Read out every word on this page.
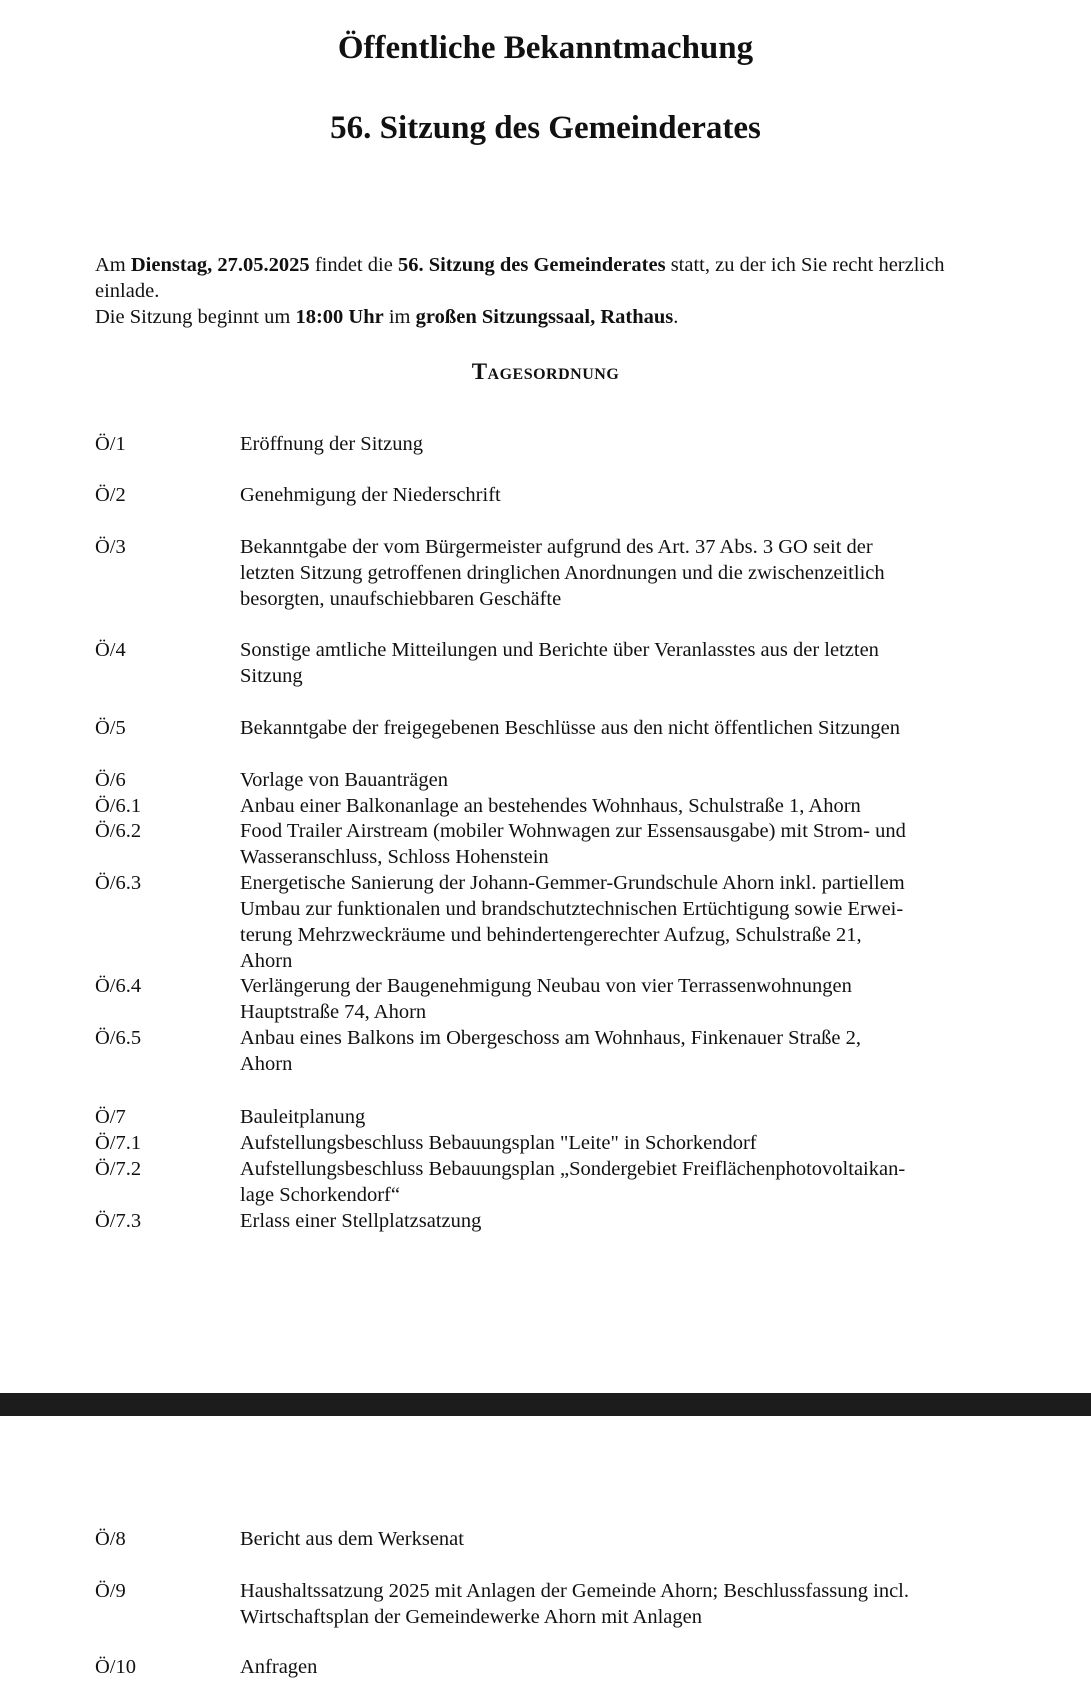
Öffentliche Bekanntmachung
56. Sitzung des Gemeinderates
Am Dienstag, 27.05.2025 findet die 56. Sitzung des Gemeinderates statt, zu der ich Sie recht herzlich einlade.
Die Sitzung beginnt um 18:00 Uhr im großen Sitzungssaal, Rathaus.
Tagesordnung
Ö/1	Eröffnung der Sitzung
Ö/2	Genehmigung der Niederschrift
Ö/3	Bekanntgabe der vom Bürgermeister aufgrund des Art. 37 Abs. 3 GO seit der
letzten Sitzung getroffenen dringlichen Anordnungen und die zwischenzeitlich
besorgten, unaufschiebbaren Geschäfte
Ö/4	Sonstige amtliche Mitteilungen und Berichte über Veranlasstes aus der letzten
Sitzung
Ö/5	Bekanntgabe der freigegebenen Beschlüsse aus den nicht öffentlichen Sitzungen
Ö/6	Vorlage von Bauanträgen
Ö/6.1	Anbau einer Balkonanlage an bestehendes Wohnhaus, Schulstraße 1, Ahorn
Ö/6.2	Food Trailer Airstream (mobiler Wohnwagen zur Essensausgabe) mit Strom- und
Wasseranschluss, Schloss Hohenstein
Ö/6.3	Energetische Sanierung der Johann-Gemmer-Grundschule Ahorn inkl. partiellem
Umbau zur funktionalen und brandschutztechnischen Ertüchtigung sowie Erwei-
terung Mehrzweckräume und behindertengerechter Aufzug, Schulstraße 21,
Ahorn
Ö/6.4	Verlängerung der Baugenehmigung Neubau von vier Terrassenwohnungen
Hauptstraße 74, Ahorn
Ö/6.5	Anbau eines Balkons im Obergeschoss am Wohnhaus, Finkenauer Straße 2,
Ahorn
Ö/7	Bauleitplanung
Ö/7.1	Aufstellungsbeschluss Bebauungsplan "Leite" in Schorkendorf
Ö/7.2	Aufstellungsbeschluss Bebauungsplan „Sondergebiet Freiflächenphotovoltaikan-
lage Schorkendorf“
Ö/7.3	Erlass einer Stellplatzsatzung
Ö/8	Bericht aus dem Werksenat
Ö/9	Haushaltssatzung 2025 mit Anlagen der Gemeinde Ahorn; Beschlussfassung incl.
Wirtschaftsplan der Gemeindewerke Ahorn mit Anlagen
Ö/10	Anfragen
